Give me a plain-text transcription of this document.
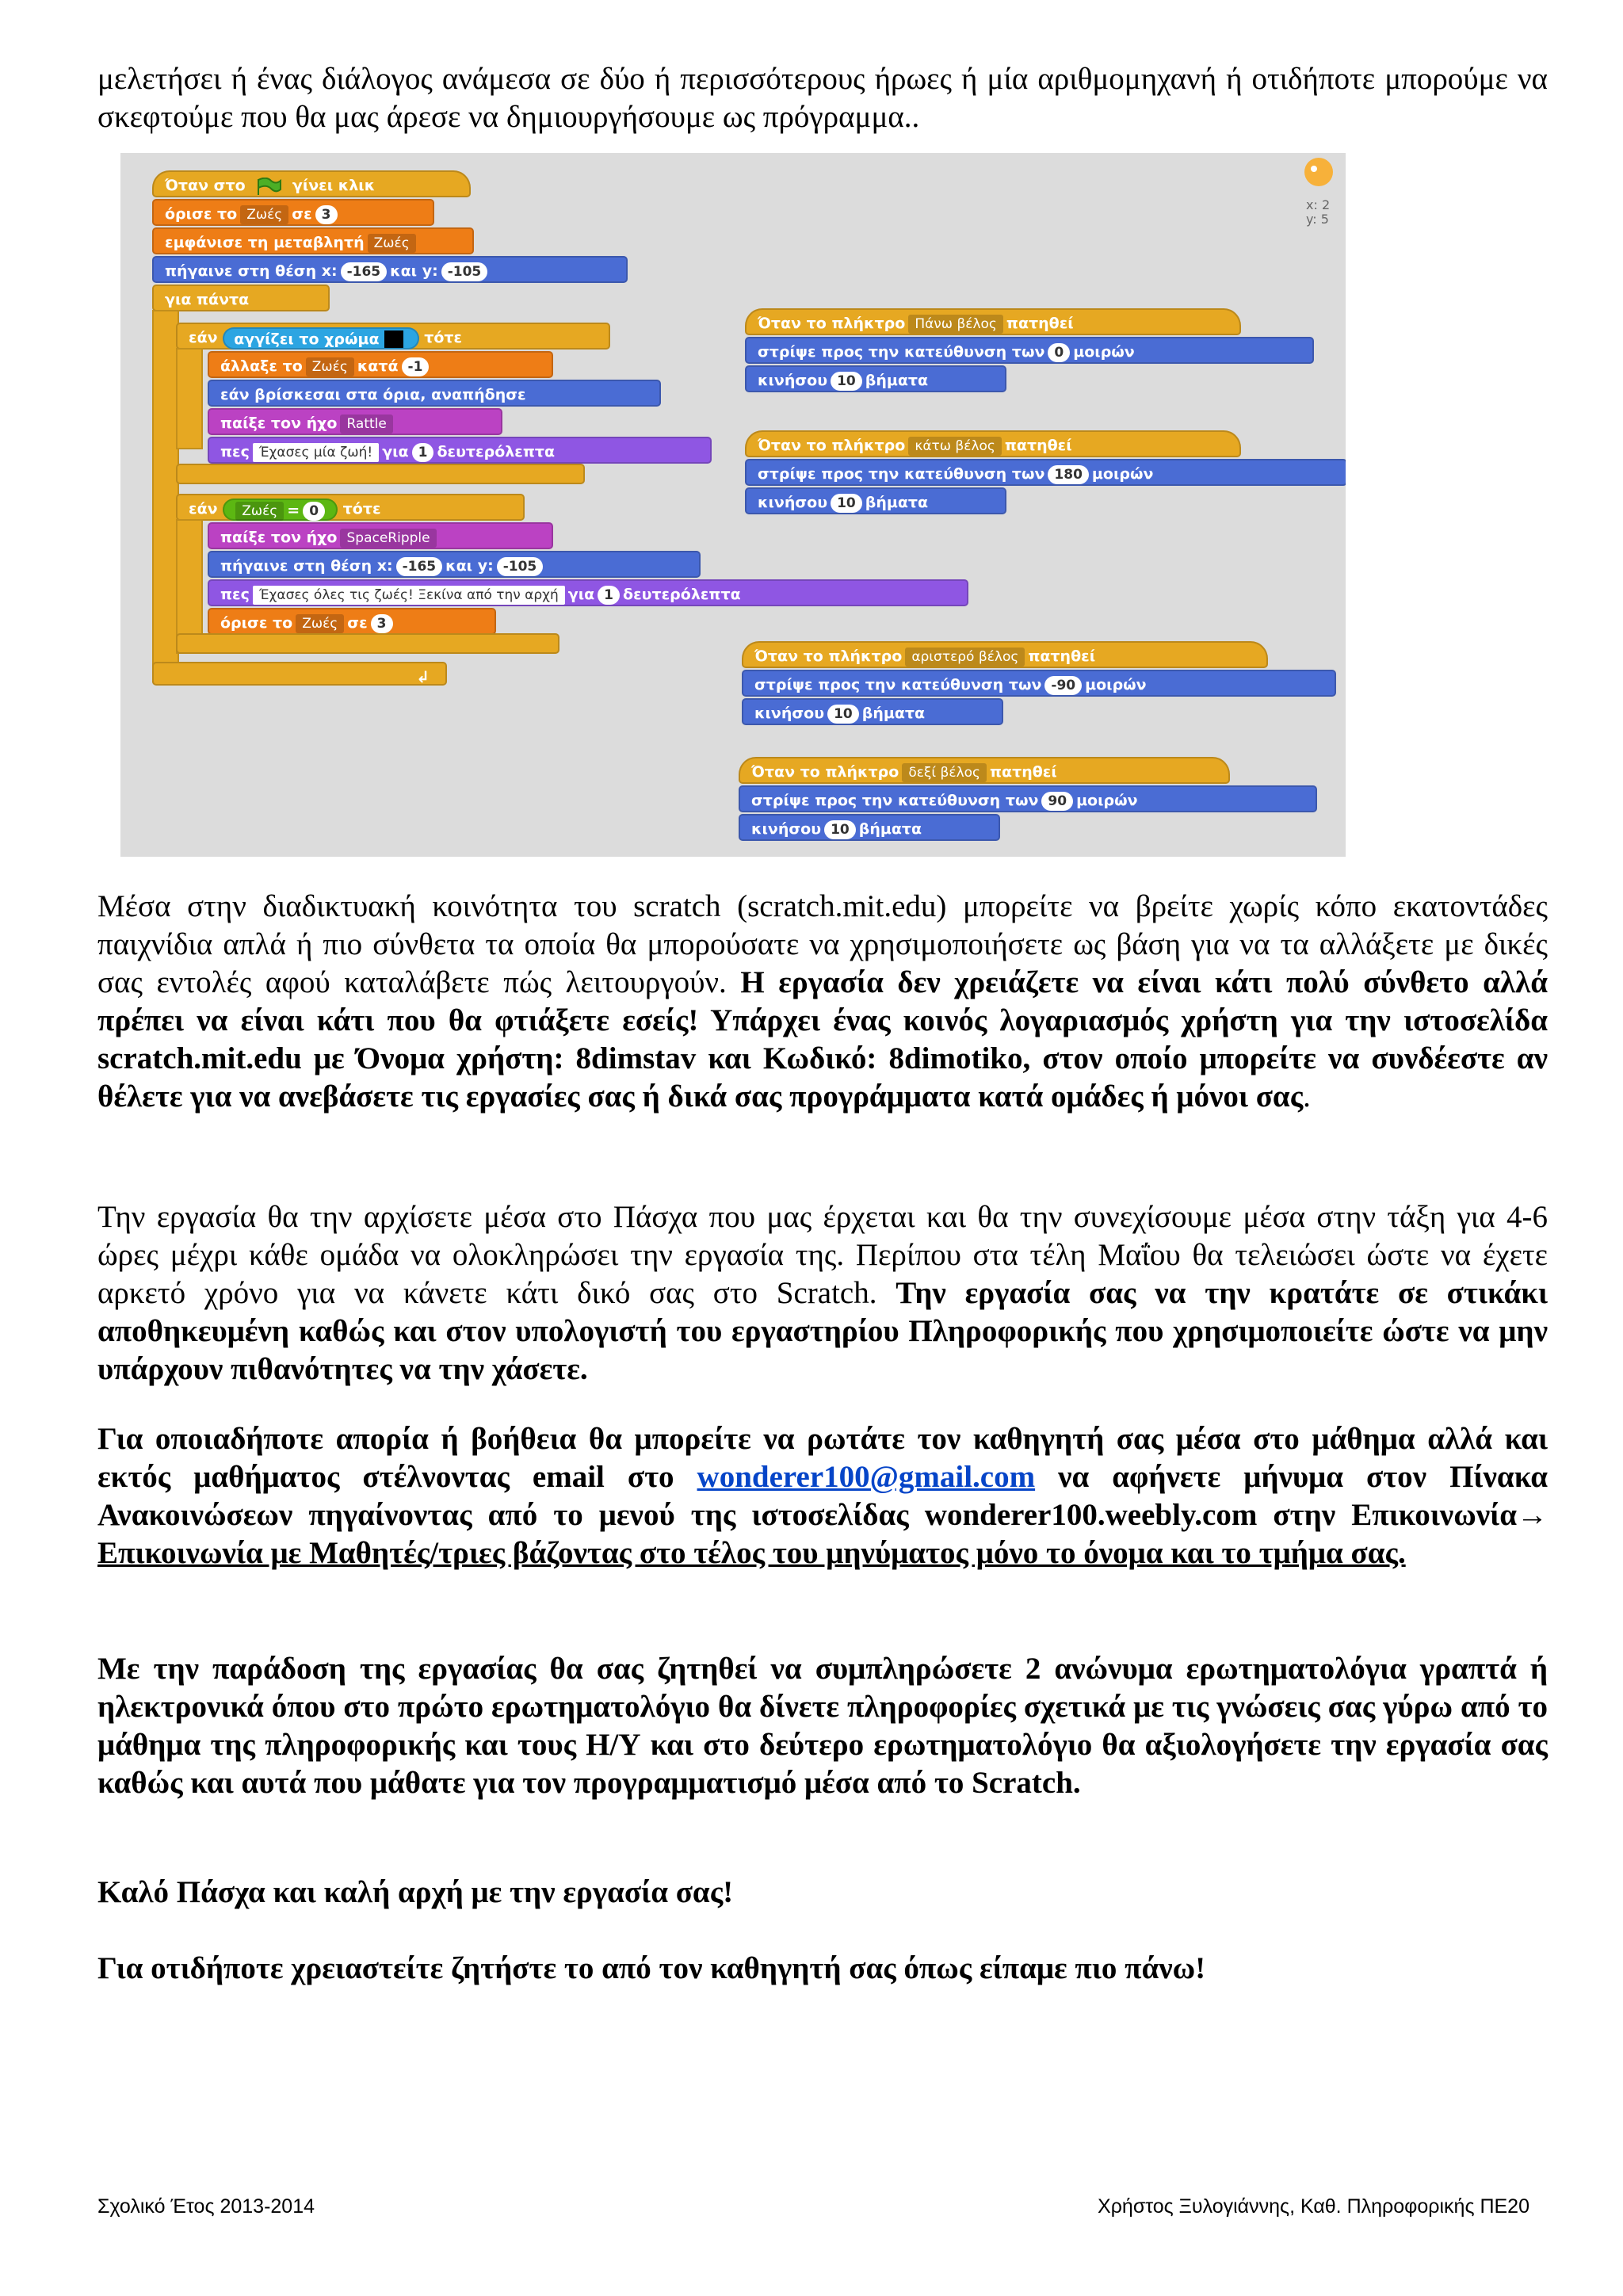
μελετήσει ή ένας διάλογος ανάμεσα σε δύο ή περισσότερους ήρωες ή μία αριθμομηχανή ή οτιδήποτε μπορούμε να σκεφτούμε που θα μας άρεσε να δημιουργήσουμε ως πρόγραμμα..
x: 2
y: 5
Όταν στο	γίνει κλικ
όρισε το Ζωές σε 3
εμφάνισε τη μεταβλητή Ζωές
πήγαινε στη θέση x: -165 και y: -105
για πάντα
εάν αγγίζει το χρώμα	τότε
άλλαξε το Ζωές κατά -1
εάν βρίσκεσαι στα όρια, αναπήδησε
παίξε τον ήχο Rattle
πες Έχασες μία ζωή! για 1 δευτερόλεπτα
εάν Ζωές = 0 τότε
παίξε τον ήχο SpaceRipple
πήγαινε στη θέση x: -165 και y: -105
πες Έχασες όλες τις ζωές! Ξεκίνα από την αρχή για 1 δευτερόλεπτα
όρισε το Ζωές σε 3
↲
Όταν το πλήκτρο Πάνω βέλος πατηθεί
στρίψε προς την κατεύθυνση των 0 μοιρών
κινήσου 10 βήματα
Όταν το πλήκτρο κάτω βέλος πατηθεί
στρίψε προς την κατεύθυνση των 180 μοιρών
κινήσου 10 βήματα
Όταν το πλήκτρο αριστερό βέλος πατηθεί
στρίψε προς την κατεύθυνση των -90 μοιρών
κινήσου 10 βήματα
Όταν το πλήκτρο δεξί βέλος πατηθεί
στρίψε προς την κατεύθυνση των 90 μοιρών
κινήσου 10 βήματα
Μέσα στην διαδικτυακή κοινότητα του scratch (scratch.mit.edu) μπορείτε να βρείτε χωρίς κόπο εκατοντάδες παιχνίδια απλά ή πιο σύνθετα τα οποία θα μπορούσατε να χρησιμοποιήσετε ως βάση για να τα αλλάξετε με δικές σας εντολές αφού καταλάβετε πώς λειτουργούν. Η εργασία δεν χρειάζετε να είναι κάτι πολύ σύνθετο αλλά πρέπει να είναι κάτι που θα φτιάξετε εσείς! Υπάρχει ένας κοινός λογαριασμός χρήστη για την ιστοσελίδα scratch.mit.edu με Όνομα χρήστη: 8dimstav και Κωδικό: 8dimotiko, στον οποίο μπορείτε να συνδέεστε αν θέλετε για να ανεβάσετε τις εργασίες σας ή δικά σας προγράμματα κατά ομάδες ή μόνοι σας.
Την εργασία θα την αρχίσετε μέσα στο Πάσχα που μας έρχεται και θα την συνεχίσουμε μέσα στην τάξη για 4-6 ώρες μέχρι κάθε ομάδα να ολοκληρώσει την εργασία της. Περίπου στα τέλη Μαΐου θα τελειώσει ώστε να έχετε αρκετό χρόνο για να κάνετε κάτι δικό σας στο Scratch. Την εργασία σας να την κρατάτε σε στικάκι αποθηκευμένη καθώς και στον υπολογιστή του εργαστηρίου Πληροφορικής που χρησιμοποιείτε ώστε να μην υπάρχουν πιθανότητες να την χάσετε.
Για οποιαδήποτε απορία ή βοήθεια θα μπορείτε να ρωτάτε τον καθηγητή σας μέσα στο μάθημα αλλά και εκτός μαθήματος στέλνοντας email στο wonderer100@gmail.com να αφήνετε μήνυμα στον Πίνακα Ανακοινώσεων πηγαίνοντας από το μενού της ιστοσελίδας wonderer100.weebly.com στην Επικοινωνία→ Επικοινωνία με Μαθητές/τριες βάζοντας στο τέλος του μηνύματος μόνο το όνομα και το τμήμα σας.
Με την παράδοση της εργασίας θα σας ζητηθεί να συμπληρώσετε 2 ανώνυμα ερωτηματολόγια γραπτά ή ηλεκτρονικά όπου στο πρώτο ερωτηματολόγιο θα δίνετε πληροφορίες σχετικά με τις γνώσεις σας γύρω από το μάθημα της πληροφορικής και τους Η/Υ και στο δεύτερο ερωτηματολόγιο θα αξιολογήσετε την εργασία σας καθώς και αυτά που μάθατε για τον προγραμματισμό μέσα από το Scratch.
Καλό Πάσχα και καλή αρχή με την εργασία σας!
Για οτιδήποτε χρειαστείτε ζητήστε το από τον καθηγητή σας όπως είπαμε πιο πάνω!
Σχολικό Έτος 2013-2014	Χρήστος Ξυλογιάννης, Καθ. Πληροφορικής ΠΕ20
